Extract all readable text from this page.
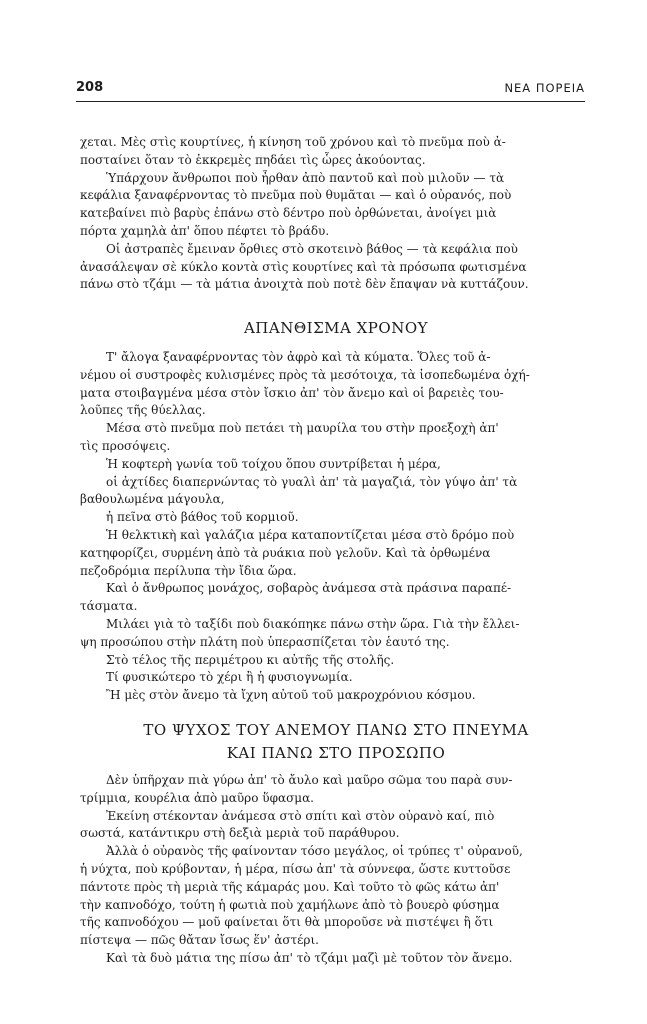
208	ΝΕΑ ΠΟΡΕΙΑ
χεται. Μὲς στὶς κουρτίνες, ἡ κίνηση τοῦ χρόνου καὶ τὸ πνεῦμα ποὺ ἀ-
ποσταίνει ὅταν τὸ ἐκκρεμὲς πηδάει τὶς ὧρες ἀκούοντας.
Ὑπάρχουν ἄνθρωποι ποὺ ἦρθαν ἀπὸ παντοῦ καὶ ποὺ μιλοῦν — τὰ
κεφάλια ξαναφέρνοντας τὸ πνεῦμα ποὺ θυμᾶται — καὶ ὁ οὐρανός, ποὺ
κατεβαίνει πιὸ βαρὺς ἐπάνω στὸ δέντρο ποὺ ὀρθώνεται, ἀνοίγει μιὰ
πόρτα χαμηλὰ ἀπ' ὅπου πέφτει τὸ βράδυ.
Οἱ ἀστραπὲς ἔμειναν ὄρθιες στὸ σκοτεινὸ βάθος — τὰ κεφάλια ποὺ
ἀνασάλεψαν σὲ κύκλο κοντὰ στὶς κουρτίνες καὶ τὰ πρόσωπα φωτισμένα
πάνω στὸ τζάμι — τὰ μάτια ἀνοιχτὰ ποὺ ποτὲ δὲν ἔπαψαν νὰ κυττάζουν.
ΑΠΑΝΘΙΣΜΑ ΧΡΟΝΟΥ
Τ' ἄλογα ξαναφέρνοντας τὸν ἀφρὸ καὶ τὰ κύματα. Ὅλες τοῦ ἀ-
νέμου οἱ συστροφὲς κυλισμένες πρὸς τὰ μεσότοιχα, τὰ ἰσοπεδωμένα ὀχή-
ματα στοιβαγμένα μέσα στὸν ἴσκιο ἀπ' τὸν ἄνεμο καὶ οἱ βαρειὲς του-
λοῦπες τῆς θύελλας.
Μέσα στὸ πνεῦμα ποὺ πετάει τὴ μαυρίλα του στὴν προεξοχὴ ἀπ'
τὶς προσόψεις.
Ἡ κοφτερὴ γωνία τοῦ τοίχου ὅπου συντρίβεται ἡ μέρα,
οἱ ἀχτίδες διαπερνώντας τὸ γυαλὶ ἀπ' τὰ μαγαζιά, τὸν γύψο ἀπ' τὰ
βαθουλωμένα μάγουλα,
ἡ πεῖνα στὸ βάθος τοῦ κορμιοῦ.
Ἡ θελκτικὴ καὶ γαλάζια μέρα καταποντίζεται μέσα στὸ δρόμο ποὺ
κατηφορίζει, συρμένη ἀπὸ τὰ ρυάκια ποὺ γελοῦν. Καὶ τὰ ὀρθωμένα
πεζοδρόμια περίλυπα τὴν ἴδια ὥρα.
Καὶ ὁ ἄνθρωπος μονάχος, σοβαρὸς ἀνάμεσα στὰ πράσινα παραπέ-
τάσματα.
Μιλάει γιὰ τὸ ταξίδι ποὺ διακόπηκε πάνω στὴν ὥρα. Γιὰ τὴν ἔλλει-
ψη προσώπου στὴν πλάτη ποὺ ὑπερασπίζεται τὸν ἑαυτό της.
Στὸ τέλος τῆς περιμέτρου κι αὐτῆς τῆς στολῆς.
Τί φυσικώτερο τὸ χέρι ἢ ἡ φυσιογνωμία.
Ἢ μὲς στὸν ἄνεμο τὰ ἴχνη αὐτοῦ τοῦ μακροχρόνιου κόσμου.
ΤΟ ΨΥΧΟΣ ΤΟΥ ΑΝΕΜΟΥ ΠΑΝΩ ΣΤΟ ΠΝΕΥΜΑ
ΚΑΙ ΠΑΝΩ ΣΤΟ ΠΡΟΣΩΠΟ
Δὲν ὑπῆρχαν πιὰ γύρω ἀπ' τὸ ἄυλο καὶ μαῦρο σῶμα του παρὰ συν-
τρίμμια, κουρέλια ἀπὸ μαῦρο ὕφασμα.
Ἐκείνη στέκονταν ἀνάμεσα στὸ σπίτι καὶ στὸν οὐρανὸ καί, πιὸ
σωστά, κατάντικρυ στὴ δεξιὰ μεριὰ τοῦ παράθυρου.
Ἀλλὰ ὁ οὐρανὸς τῆς φαίνονταν τόσο μεγάλος, οἱ τρύπες τ' οὐρανοῦ,
ἡ νύχτα, ποὺ κρύβονταν, ἡ μέρα, πίσω ἀπ' τὰ σύννεφα, ὥστε κυττοῦσε
πάντοτε πρὸς τὴ μεριὰ τῆς κάμαράς μου. Καὶ τοῦτο τὸ φῶς κάτω ἀπ'
τὴν καπνοδόχο, τούτη ἡ φωτιὰ ποὺ χαμήλωνε ἀπὸ τὸ βουερὸ φύσημα
τῆς καπνοδόχου — μοῦ φαίνεται ὅτι θὰ μποροῦσε νὰ πιστέψει ἢ ὅτι
πίστεψα — πῶς θἄταν ἴσως ἕν' ἀστέρι.
Καὶ τὰ δυὸ μάτια της πίσω ἀπ' τὸ τζάμι μαζὶ μὲ τοῦτον τὸν ἄνεμο.
